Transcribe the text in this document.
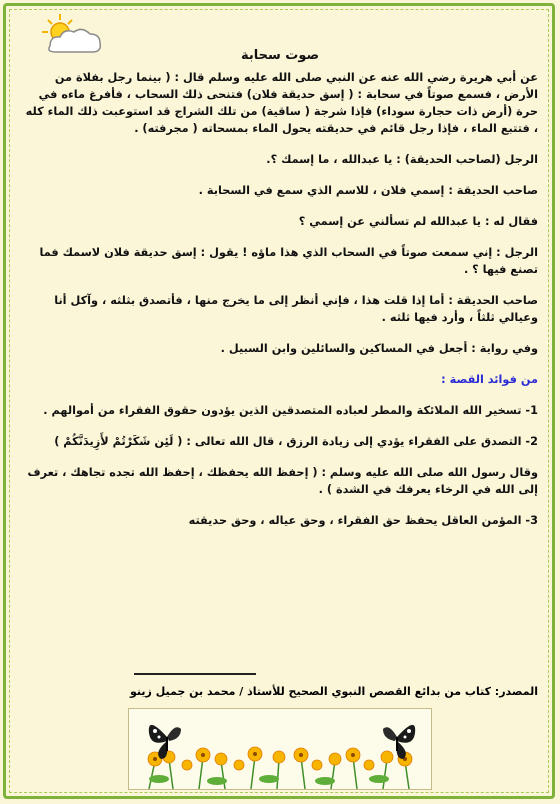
صوت سحابة

عن أبي هريرة رضي الله عنه عن النبي صلى الله عليه وسلم قال : ( بينما رجل بفلاة من الأرض ، فسمع صوتاً في سحابة : ( إسق حديقة فلان) فتنحى ذلك السحاب ، فأفرغ ماءه في حرة (أرض ذات حجارة سوداء) فإذا شرجة ( ساقية) من تلك الشراج قد استوعبت ذلك الماء كله ، فتتبع الماء ، فإذا رجل قائم في حديقته يحول الماء بمسحاته ( مجرفته) .

الرجل (لصاحب الحديقة) : يا عبدالله ، ما إسمك ؟.

صاحب الحديقة : إسمي فلان ، للاسم الذي سمع في السحابة .

فقال له : يا عبدالله لم تسألني عن إسمي ؟

الرجل : إني سمعت صوتاً في السحاب الذي هذا ماؤه ! يقول : إسق حديقة فلان لاسمك فما تصنع فيها ؟ .

صاحب الحديقة : أما إذا قلت هذا ، فإني أنظر إلى ما يخرج منها ، فأتصدق بثلثه ، وآكل أنا وعيالي ثلثاً ، وأرد فيها ثلثه .

وفي رواية : أجعل في المساكين والسائلين وابن السبيل .

من فوائد القصة :

1- تسخير الله الملائكة والمطر لعباده المتصدقين الذين يؤدون حقوق الفقراء من أموالهم .

2- التصدق على الفقراء يؤدي إلى زيادة الرزق ، قال الله تعالى : ( لَئِن شَكَرْتُمْ لأَزِيدَنَّكُمْ )

وقال رسول الله صلى الله عليه وسلم : ( إحفظ الله يحفظك ، إحفظ الله تجده تجاهك ، تعرف إلى الله في الرخاء يعرفك في الشدة ) .

3- المؤمن العاقل يحفظ حق الفقراء ، وحق عياله ، وحق حديقته

المصدر: كتاب من بدائع القصص النبوي الصحيح للأستاذ / محمد بن جميل زينو
